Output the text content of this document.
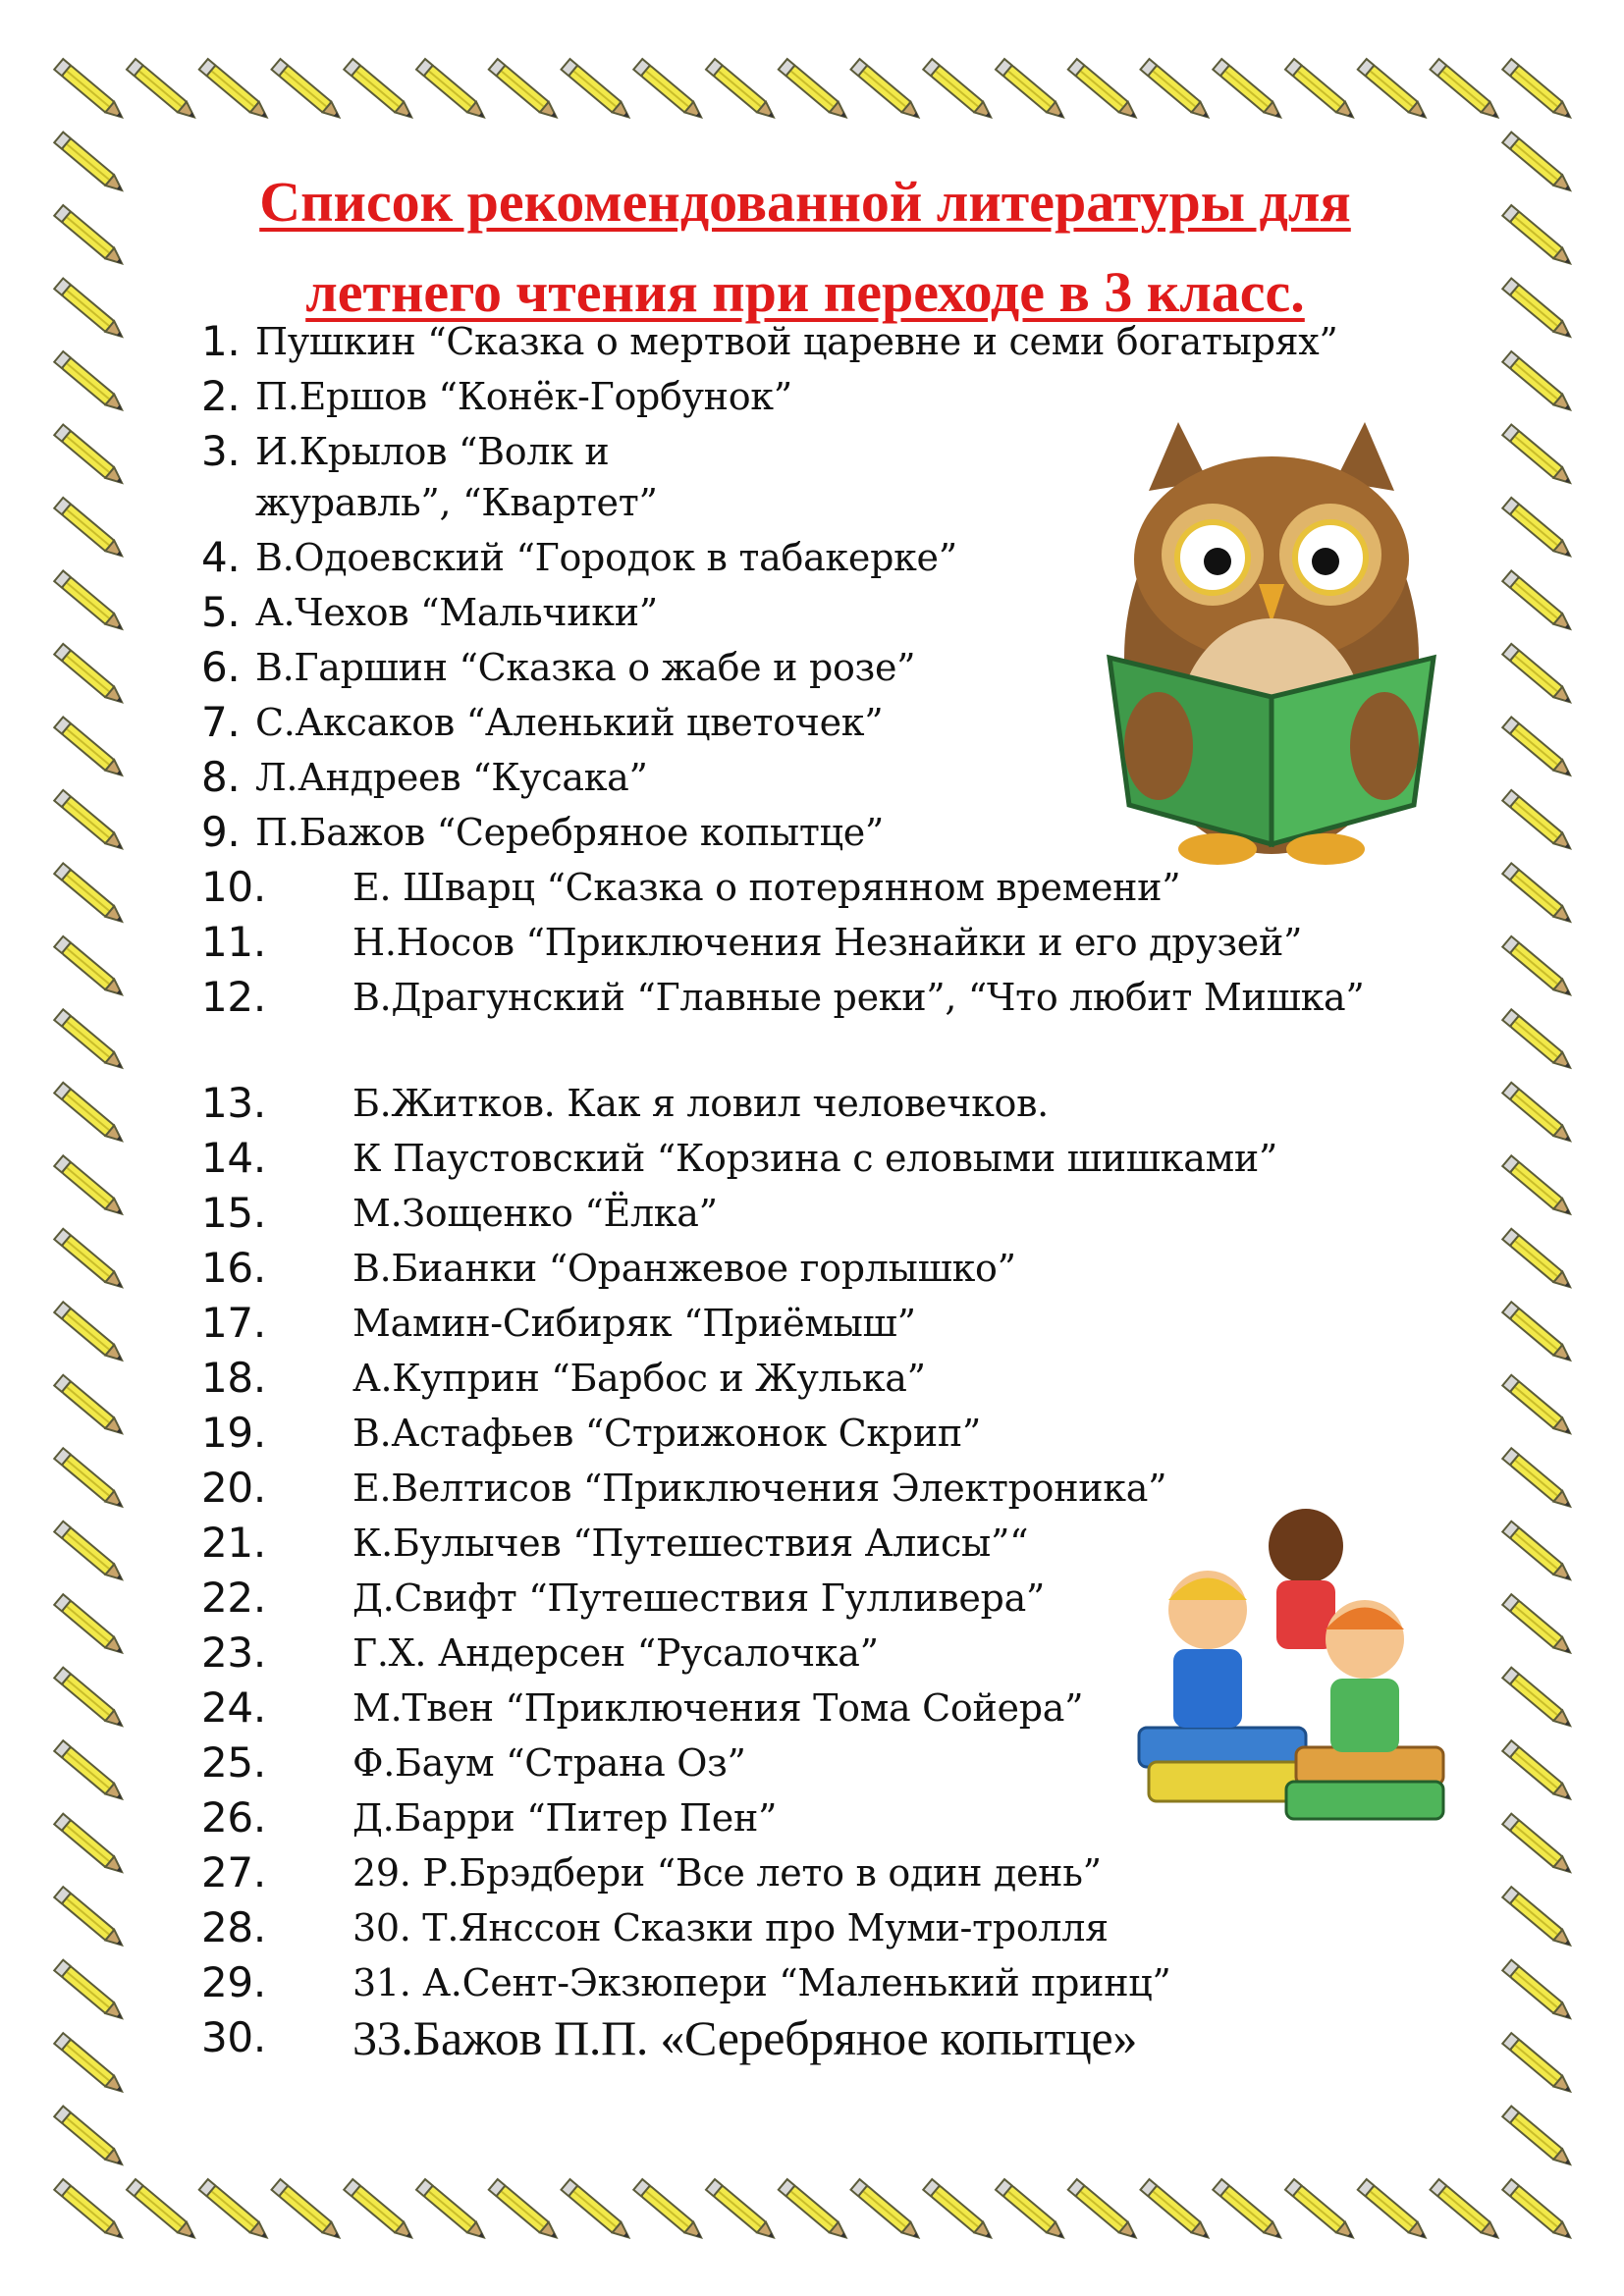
Список рекомендованной литературы для
летнего чтения при переходе в 3 класс.
1. Пушкин “Сказка о мертвой царевне и семи богатырях”
2. П.Ершов “Конёк-Горбунок”
3. И.Крылов “Волк и журавль”, “Квартет”
4. В.Одоевский “Городок в табакерке”
5. А.Чехов “Мальчики”
6. В.Гаршин “Сказка о жабе и розе”
7. С.Аксаков “Аленький цветочек”
8. Л.Андреев “Кусака”
9. П.Бажов “Серебряное копытце”
10. Е. Шварц “Сказка о потерянном времени”
11. Н.Носов “Приключения Незнайки и его друзей”
12. В.Драгунский “Главные реки”, “Что любит Мишка”
13. Б.Житков. Как я ловил человечков.
14. К Паустовский “Корзина с еловыми шишками”
15. М.Зощенко “Ёлка”
16. В.Бианки “Оранжевое горлышко”
17. Мамин-Сибиряк “Приёмыш”
18. А.Куприн “Барбос и Жулька”
19. В.Астафьев “Стрижонок Скрип”
20. Е.Велтисов “Приключения Электроника”
21. К.Булычев “Путешествия Алисы”“
22. Д.Свифт “Путешествия Гулливера”
23. Г.Х. Андерсен “Русалочка”
24. М.Твен “Приключения Тома Сойера”
25. Ф.Баум “Страна Оз”
26. Д.Барри “Питер Пен”
27. 29. Р.Брэдбери “Все лето в один день”
28. 30. Т.Янссон Сказки про Муми-тролля
29. 31. А.Сент-Экзюпери “Маленький принц”
30. 33.Бажов П.П. «Серебряное копытце»
